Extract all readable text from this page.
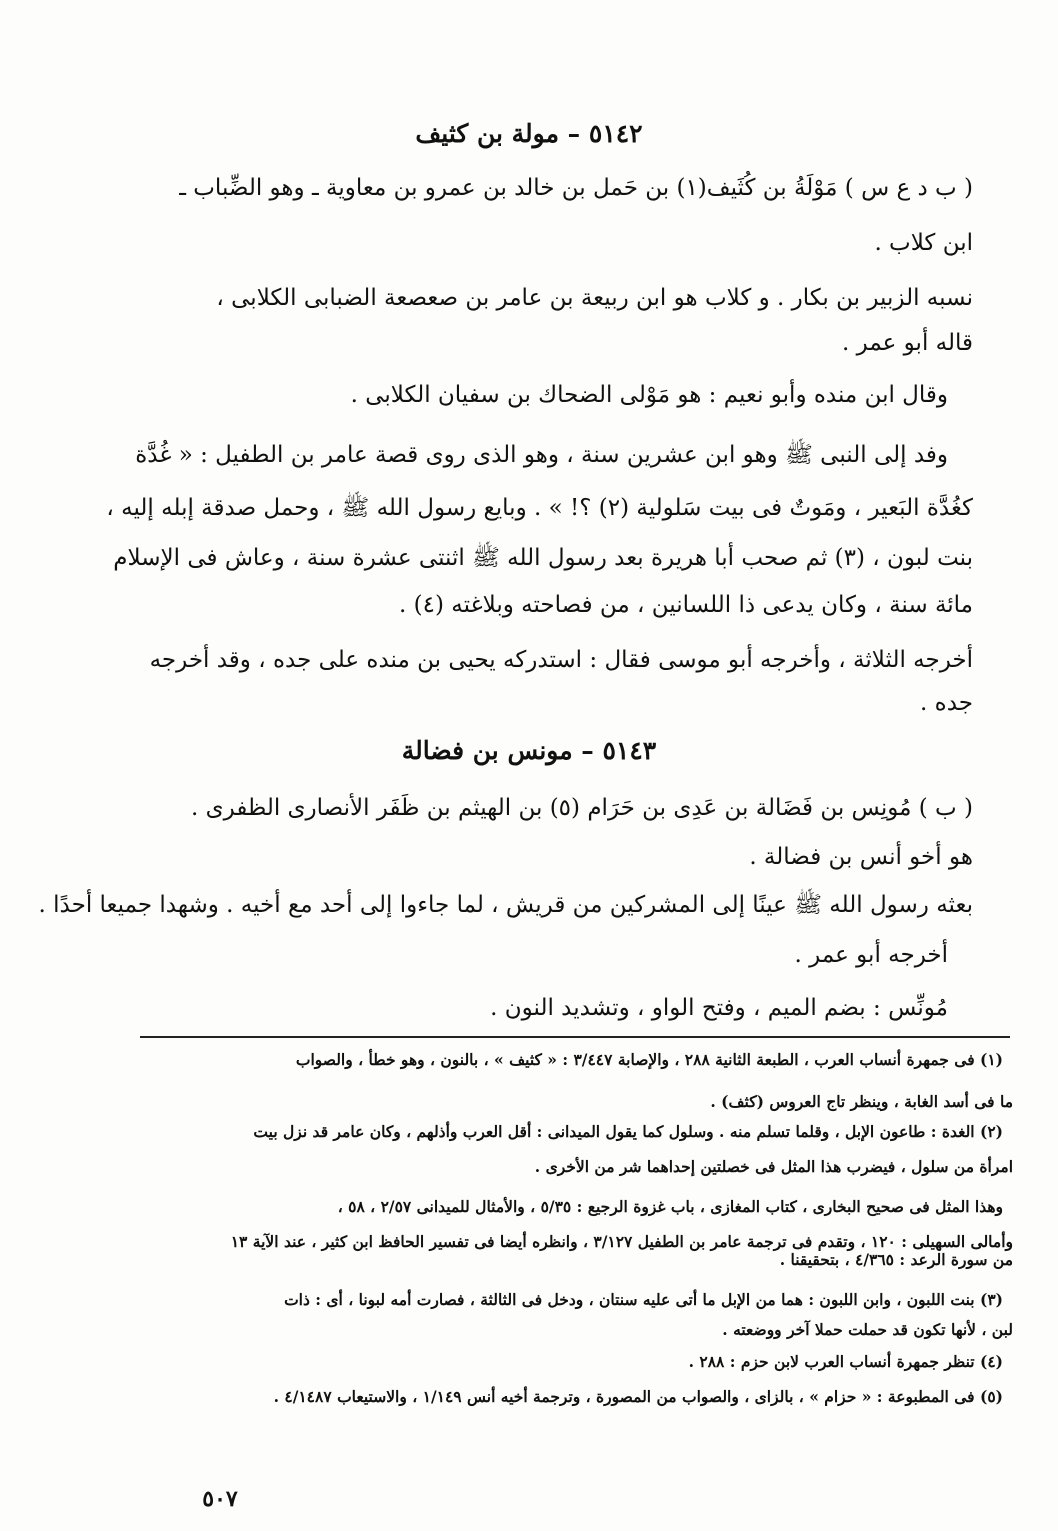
٥١٤٢ – مولة بن كثيف
( ب د ع س ) مَوْلَةُ بن كُثَيف(١) بن حَمل بن خالد بن عمرو بن معاوية ـ وهو الضِّباب ـ
ابن كلاب .
نسبه الزبير بن بكار . و كلاب هو ابن ربيعة بن عامر بن صعصعة الضبابى الكلابى ،
قاله أبو عمر .
وقال ابن منده وأبو نعيم : هو مَوْلى الضحاك بن سفيان الكلابى .
وفد إلى النبى ﷺ وهو ابن عشرين سنة ، وهو الذى روى قصة عامر بن الطفيل : « غُدَّة
كغُدَّة البَعير ، ومَوتٌ فى بيت سَلولية (٢) ؟! » . وبايع رسول الله ﷺ ، وحمل صدقة إبله إليه ،
بنت لبون ، (٣) ثم صحب أبا هريرة بعد رسول الله ﷺ اثنتى عشرة سنة ، وعاش فى الإسلام
مائة سنة ، وكان يدعى ذا اللسانين ، من فصاحته وبلاغته (٤) .
أخرجه الثلاثة ، وأخرجه أبو موسى فقال : استدركه يحيى بن منده على جده ، وقد أخرجه
جده .
٥١٤٣ – مونس بن فضالة
( ب ) مُونِس بن فَضَالة بن عَدِى بن حَرَام (٥) بن الهيثم بن ظَفَر الأنصارى الظفرى .
هو أخو أنس بن فضالة .
بعثه رسول الله ﷺ عينًا إلى المشركين من قريش ، لما جاءوا إلى أحد مع أخيه . وشهدا جميعا أحدًا .
أخرجه أبو عمر .
مُونِّس : بضم الميم ، وفتح الواو ، وتشديد النون .
(١) فى جمهرة أنساب العرب ، الطبعة الثانية ٢٨٨ ، والإصابة ٣/٤٤٧ : « كثيف » ، بالنون ، وهو خطأ ، والصواب
ما فى أسد الغابة ، وينظر تاج العروس (كثف) .
(٢) الغدة : طاعون الإبل ، وقلما تسلم منه . وسلول كما يقول الميدانى : أقل العرب وأذلهم ، وكان عامر قد نزل بيت
امرأة من سلول ، فيضرب هذا المثل فى خصلتين إحداهما شر من الأخرى .
وهذا المثل فى صحيح البخارى ، كتاب المغازى ، باب غزوة الرجيع : ٥/٣٥ ، والأمثال للميدانى ٢/٥٧ ، ٥٨ ،
وأمالى السهيلى : ١٢٠ ، وتقدم فى ترجمة عامر بن الطفيل ٣/١٢٧ ، وانظره أيضا فى تفسير الحافظ ابن كثير ، عند الآية ١٣
من سورة الرعد : ٤/٣٦٥ ، بتحقيقنا .
(٣) بنت اللبون ، وابن اللبون : هما من الإبل ما أتى عليه سنتان ، ودخل فى الثالثة ، فصارت أمه لبونا ، أى : ذات
لبن ، لأنها تكون قد حملت حملا آخر ووضعته .
(٤) تنظر جمهرة أنساب العرب لابن حزم : ٢٨٨ .
(٥) فى المطبوعة : « حزام » ، بالزاى ، والصواب من المصورة ، وترجمة أخيه أنس ١/١٤٩ ، والاستيعاب ٤/١٤٨٧ .
٥٠٧
